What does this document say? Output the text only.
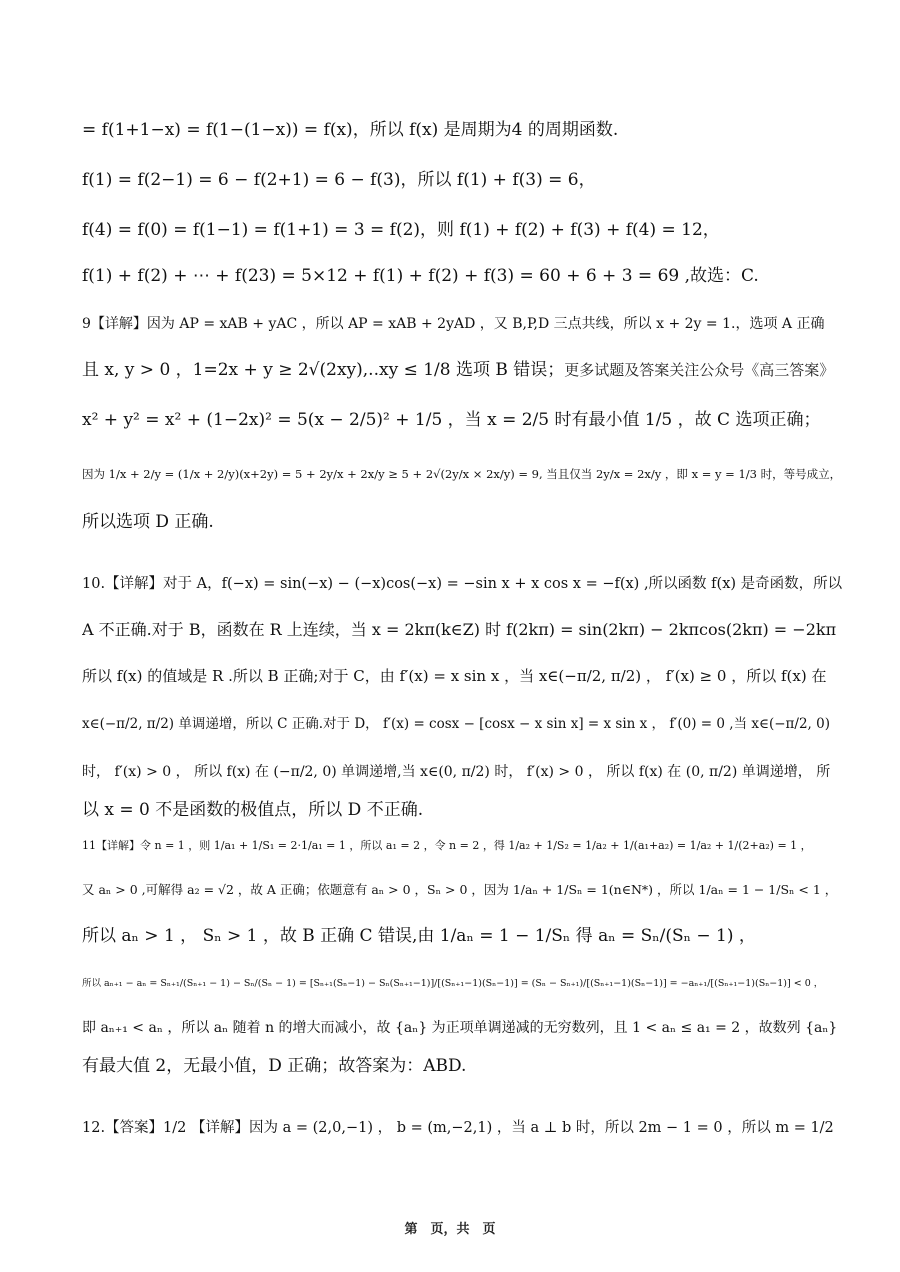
= f(1+1−x) = f(1−(1−x)) = f(x)，所以 f(x) 是周期为4 的周期函数.
f(1) = f(2−1) = 6 − f(2+1) = 6 − f(3)，所以 f(1) + f(3) = 6，
f(4) = f(0) = f(1−1) = f(1+1) = 3 = f(2)，则 f(1) + f(2) + f(3) + f(4) = 12，
f(1) + f(2) + ⋯ + f(23) = 5×12 + f(1) + f(2) + f(3) = 60 + 6 + 3 = 69 ,故选：C.
9【详解】因为 AP = xAB + yAC ，所以 AP = xAB + 2yAD ，又 B,P,D 三点共线，所以 x + 2y = 1.，选项 A 正确
且 x, y > 0 ，1=2x + y ≥ 2√(2xy),..xy ≤ 1/8 选项 B 错误；更多试题及答案关注公众号《高三答案》
x² + y² = x² + (1−2x)² = 5(x − 2/5)² + 1/5 ，当 x = 2/5 时有最小值 1/5 ，故 C 选项正确；
因为 1/x + 2/y = (1/x + 2/y)(x+2y) = 5 + 2y/x + 2x/y ≥ 5 + 2√(2y/x × 2x/y) = 9, 当且仅当 2y/x = 2x/y ，即 x = y = 1/3 时，等号成立，
所以选项 D 正确.
10.【详解】对于 A，f(−x) = sin(−x) − (−x)cos(−x) = −sin x + x cos x = −f(x) ,所以函数 f(x) 是奇函数，所以
A 不正确.对于 B，函数在 R 上连续，当 x = 2kπ(k∈Z) 时 f(2kπ) = sin(2kπ) − 2kπcos(2kπ) = −2kπ
所以 f(x) 的值域是 R .所以 B 正确;对于 C，由 f′(x) = x sin x ，当 x∈(−π/2, π/2) ， f′(x) ≥ 0 ，所以 f(x) 在
x∈(−π/2, π/2) 单调递增，所以 C 正确.对于 D， f′(x) = cosx − [cosx − x sin x] = x sin x ， f′(0) = 0 ,当 x∈(−π/2, 0)
时， f′(x) > 0 ， 所以 f(x) 在 (−π/2, 0) 单调递增,当 x∈(0, π/2) 时， f′(x) > 0 ， 所以 f(x) 在 (0, π/2) 单调递增， 所
以 x = 0 不是函数的极值点，所以 D 不正确.
11【详解】令 n = 1 ，则 1/a₁ + 1/S₁ = 2·1/a₁ = 1 ，所以 a₁ = 2 ，令 n = 2 ，得 1/a₂ + 1/S₂ = 1/a₂ + 1/(a₁+a₂) = 1/a₂ + 1/(2+a₂) = 1 ，
又 aₙ > 0 ,可解得 a₂ = √2 ，故 A 正确；依题意有 aₙ > 0 ，Sₙ > 0 ，因为 1/aₙ + 1/Sₙ = 1(n∈N*) ，所以 1/aₙ = 1 − 1/Sₙ < 1 ，
所以 aₙ > 1 ， Sₙ > 1 ，故 B 正确 C 错误,由 1/aₙ = 1 − 1/Sₙ 得 aₙ = Sₙ/(Sₙ − 1) ，
所以 aₙ₊₁ − aₙ = Sₙ₊₁/(Sₙ₊₁ − 1) − Sₙ/(Sₙ − 1) = [Sₙ₊₁(Sₙ−1) − Sₙ(Sₙ₊₁−1)]/[(Sₙ₊₁−1)(Sₙ−1)] = (Sₙ − Sₙ₊₁)/[(Sₙ₊₁−1)(Sₙ−1)] = −aₙ₊₁/[(Sₙ₊₁−1)(Sₙ−1)] < 0 ，
即 aₙ₊₁ < aₙ ，所以 aₙ 随着 n 的增大而减小，故 {aₙ} 为正项单调递减的无穷数列，且 1 < aₙ ≤ a₁ = 2 ，故数列 {aₙ}
有最大值 2，无最小值，D 正确；故答案为：ABD.
12.【答案】1/2 【详解】因为 a = (2,0,−1) ， b = (m,−2,1) ，当 a ⊥ b 时，所以 2m − 1 = 0 ，所以 m = 1/2
第　页，共　页
